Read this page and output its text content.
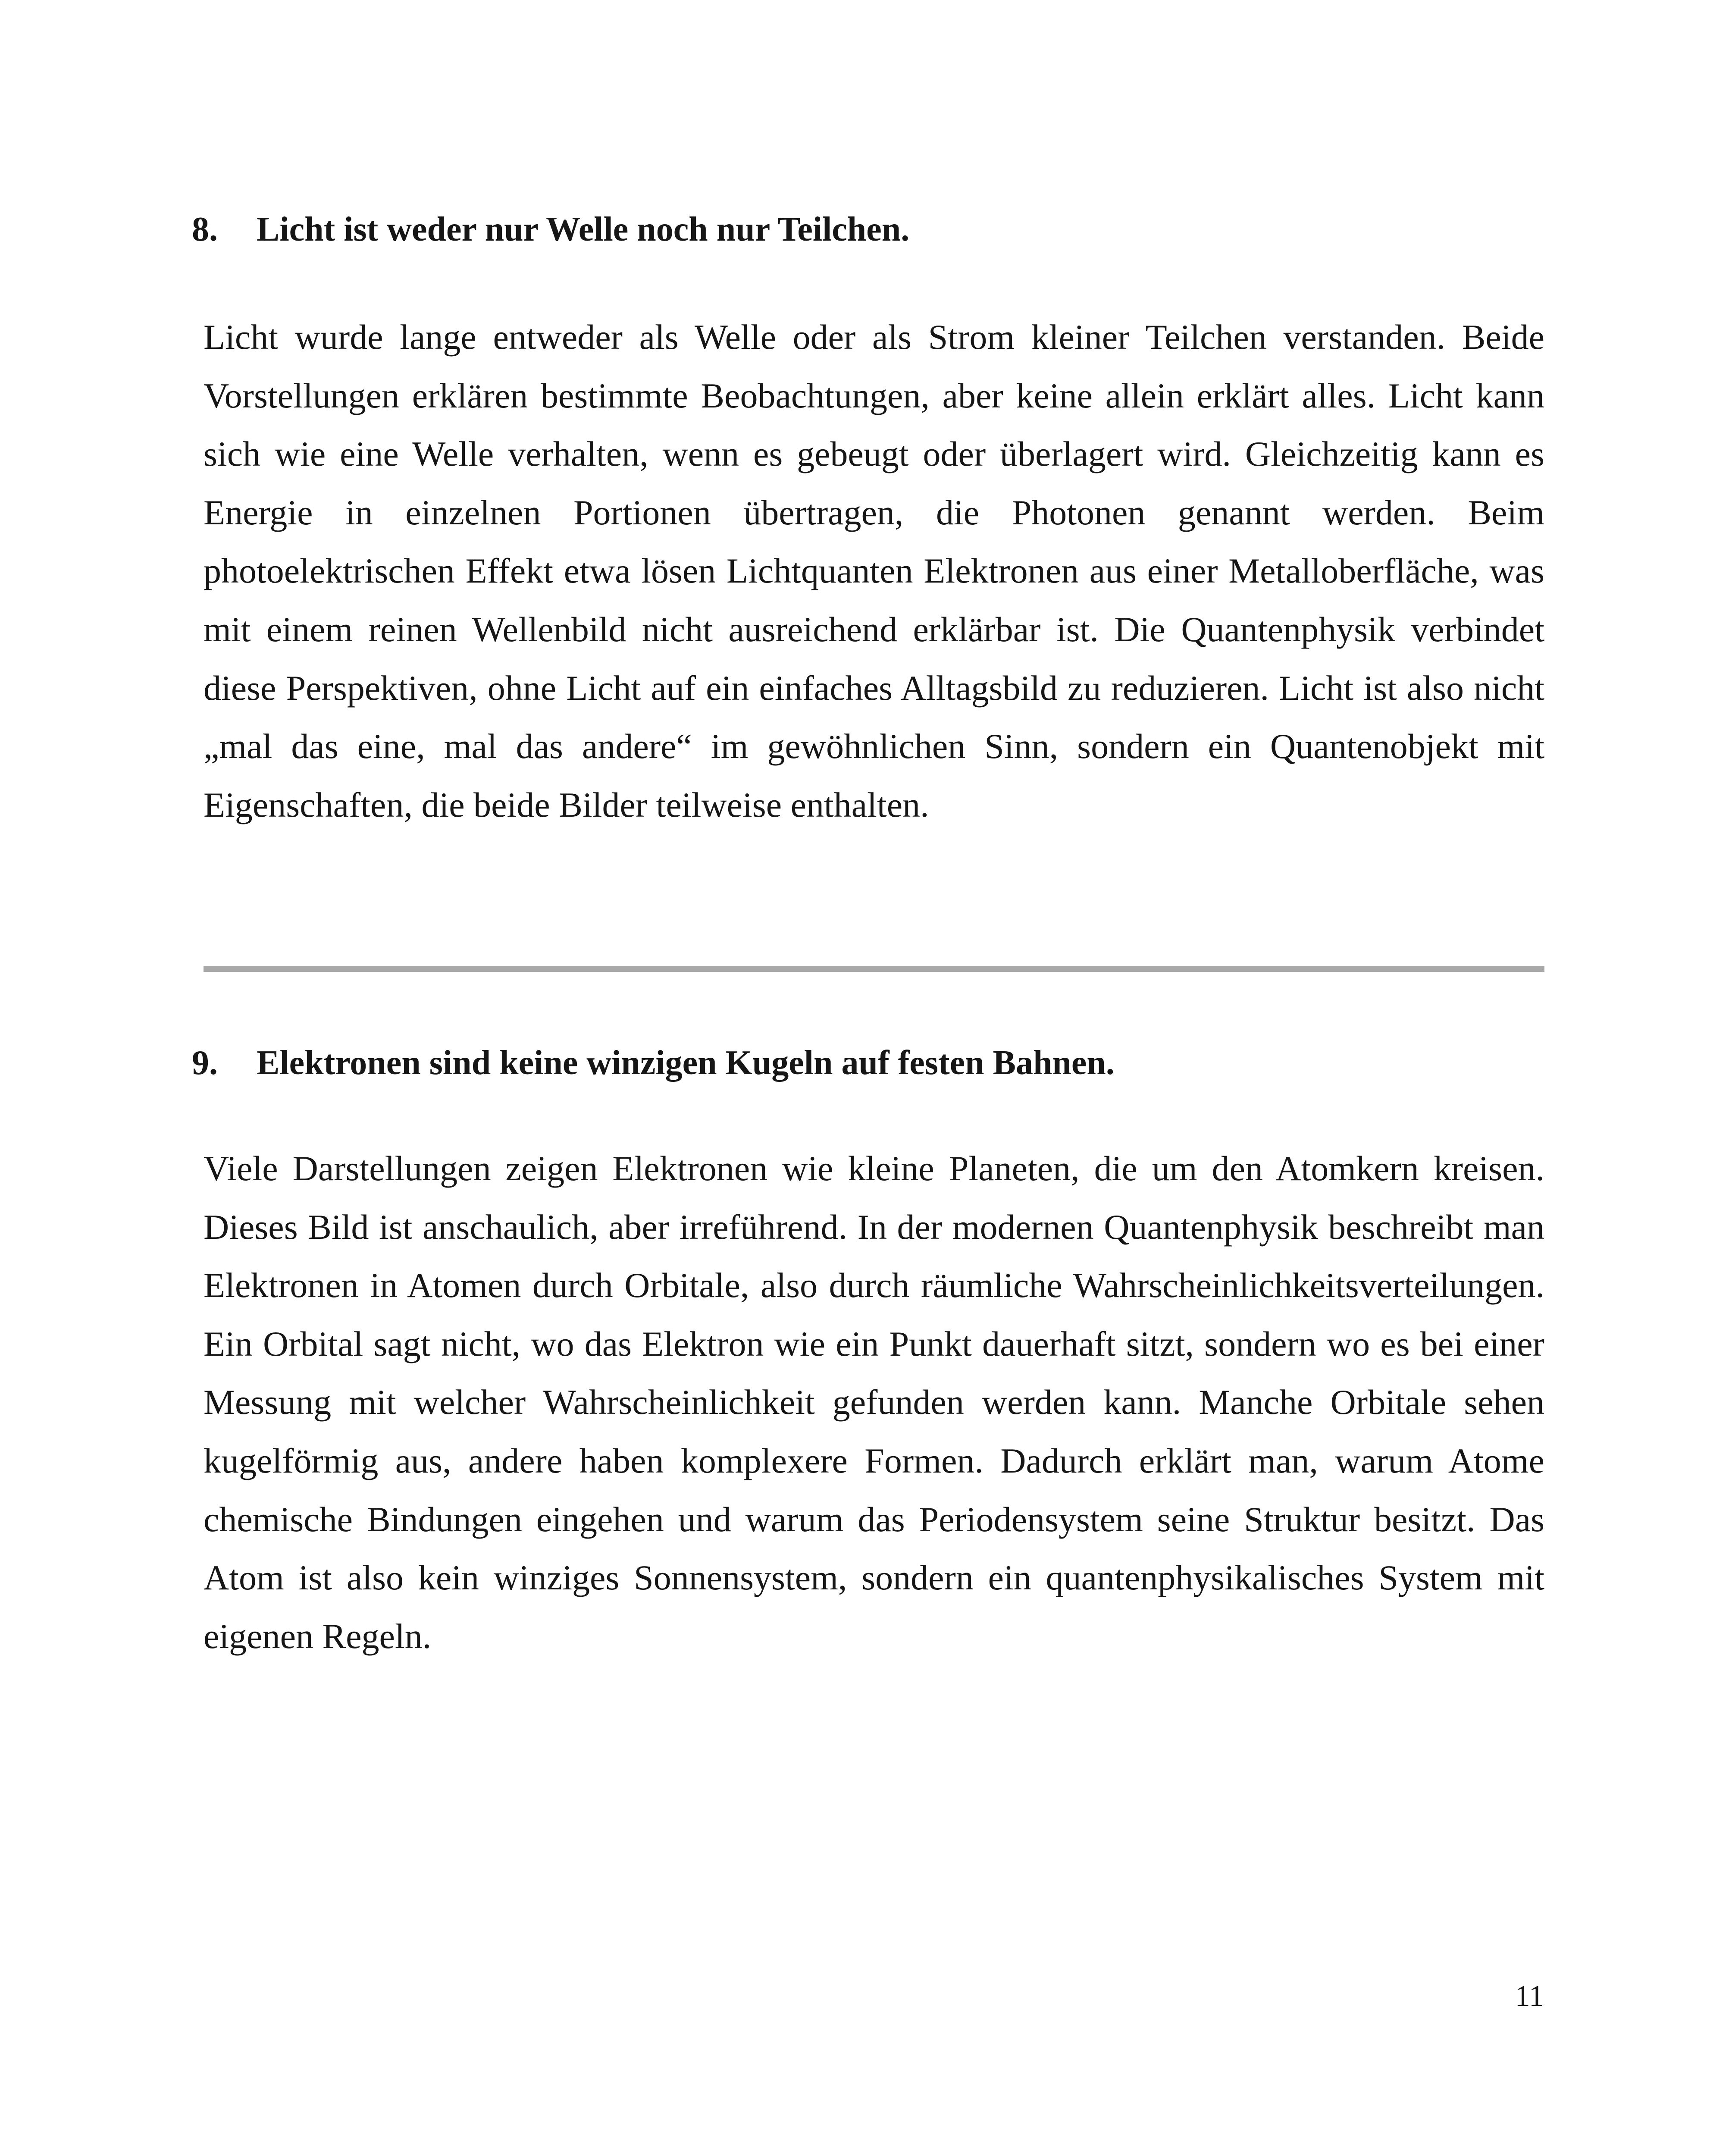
8. Licht ist weder nur Welle noch nur Teilchen.

Licht wurde lange entweder als Welle oder als Strom kleiner Teilchen verstanden. Beide Vorstellungen erklären bestimmte Beobachtungen, aber keine allein erklärt alles. Licht kann sich wie eine Welle verhalten, wenn es gebeugt oder überlagert wird. Gleichzeitig kann es Energie in einzelnen Portionen übertragen, die Photonen genannt werden. Beim photoelektrischen Effekt etwa lösen Lichtquanten Elektronen aus einer Metalloberfläche, was mit einem reinen Wellenbild nicht ausreichend erklärbar ist. Die Quantenphysik verbindet diese Perspektiven, ohne Licht auf ein einfaches Alltagsbild zu reduzieren. Licht ist also nicht „mal das eine, mal das andere“ im gewöhnlichen Sinn, sondern ein Quantenobjekt mit Eigenschaften, die beide Bilder teilweise enthalten.

9. Elektronen sind keine winzigen Kugeln auf festen Bahnen.

Viele Darstellungen zeigen Elektronen wie kleine Planeten, die um den Atomkern kreisen. Dieses Bild ist anschaulich, aber irreführend. In der modernen Quantenphysik beschreibt man Elektronen in Atomen durch Orbitale, also durch räumliche Wahrscheinlichkeitsverteilungen. Ein Orbital sagt nicht, wo das Elektron wie ein Punkt dauerhaft sitzt, sondern wo es bei einer Messung mit welcher Wahrscheinlichkeit gefunden werden kann. Manche Orbitale sehen kugelförmig aus, andere haben komplexere Formen. Dadurch erklärt man, warum Atome chemische Bindungen eingehen und warum das Periodensystem seine Struktur besitzt. Das Atom ist also kein winziges Sonnensystem, sondern ein quantenphysikalisches System mit eigenen Regeln.

11
